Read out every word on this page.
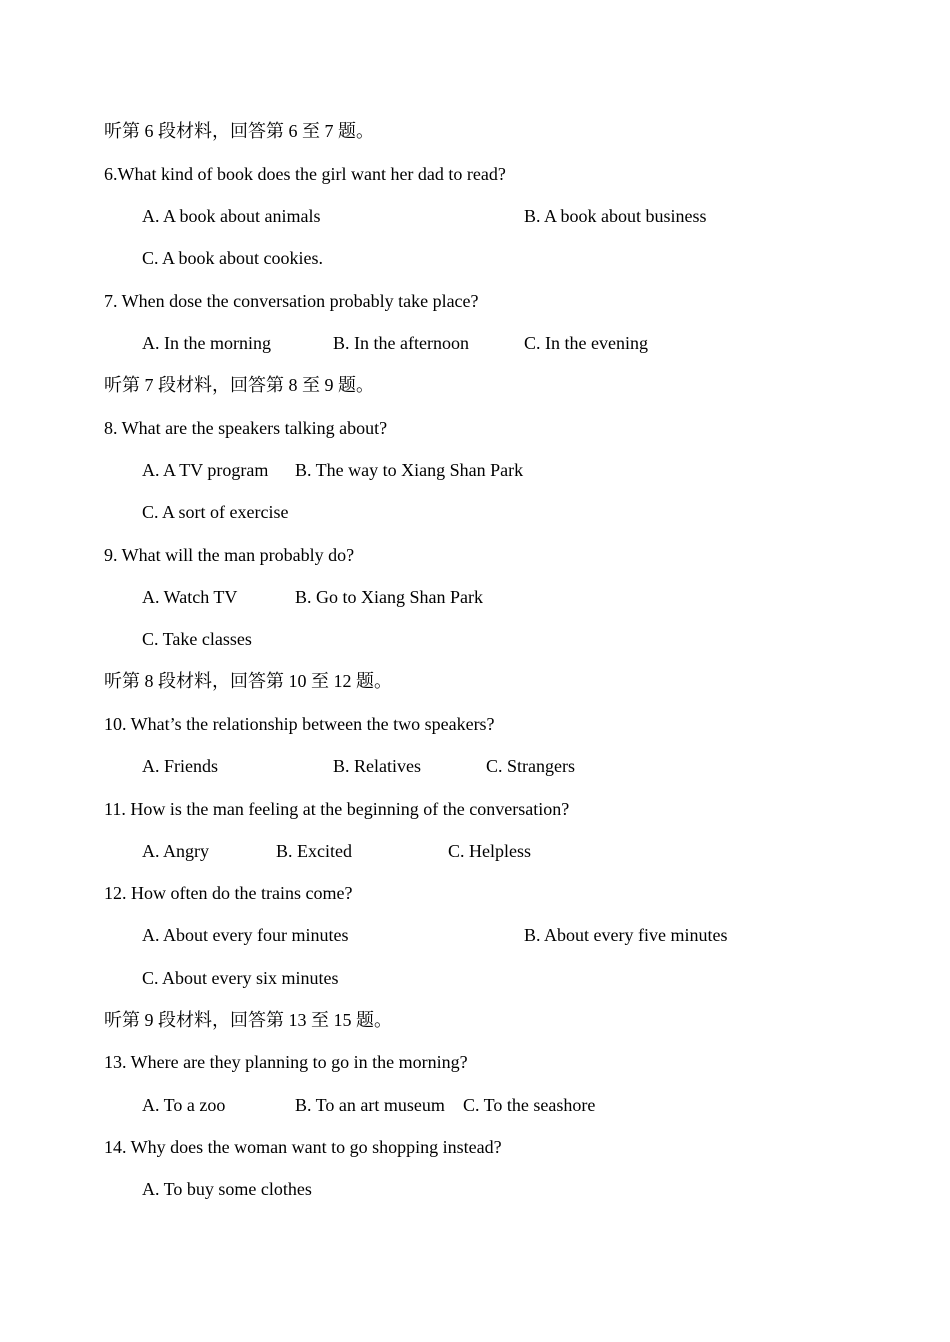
听第 6 段材料，回答第 6 至 7 题。
6.What kind of book does the girl want her dad to read?
A. A book about animals	B. A book about business
C. A book about cookies.
7. When dose the conversation probably take place?
A. In the morning	B. In the afternoon	C. In the evening
听第 7 段材料，回答第 8 至 9 题。
8. What are the speakers talking about?
A. A TV program B. The way to Xiang Shan Park
C. A sort of exercise
9. What will the man probably do?
A. Watch TV	B. Go to Xiang Shan Park
C. Take classes
听第 8 段材料，回答第 10 至 12 题。
10. What’s the relationship between the two speakers?
A. Friends	B. Relatives	C. Strangers
11. How is the man feeling at the beginning of the conversation?
A. Angry	B. Excited	C. Helpless
12. How often do the trains come?
A. About every four minutes	B. About every five minutes
C. About every six minutes
听第 9 段材料，回答第 13 至 15 题。
13. Where are they planning to go in the morning?
A. To a zoo	B. To an art museum C. To the seashore
14. Why does the woman want to go shopping instead?
A. To buy some clothes
